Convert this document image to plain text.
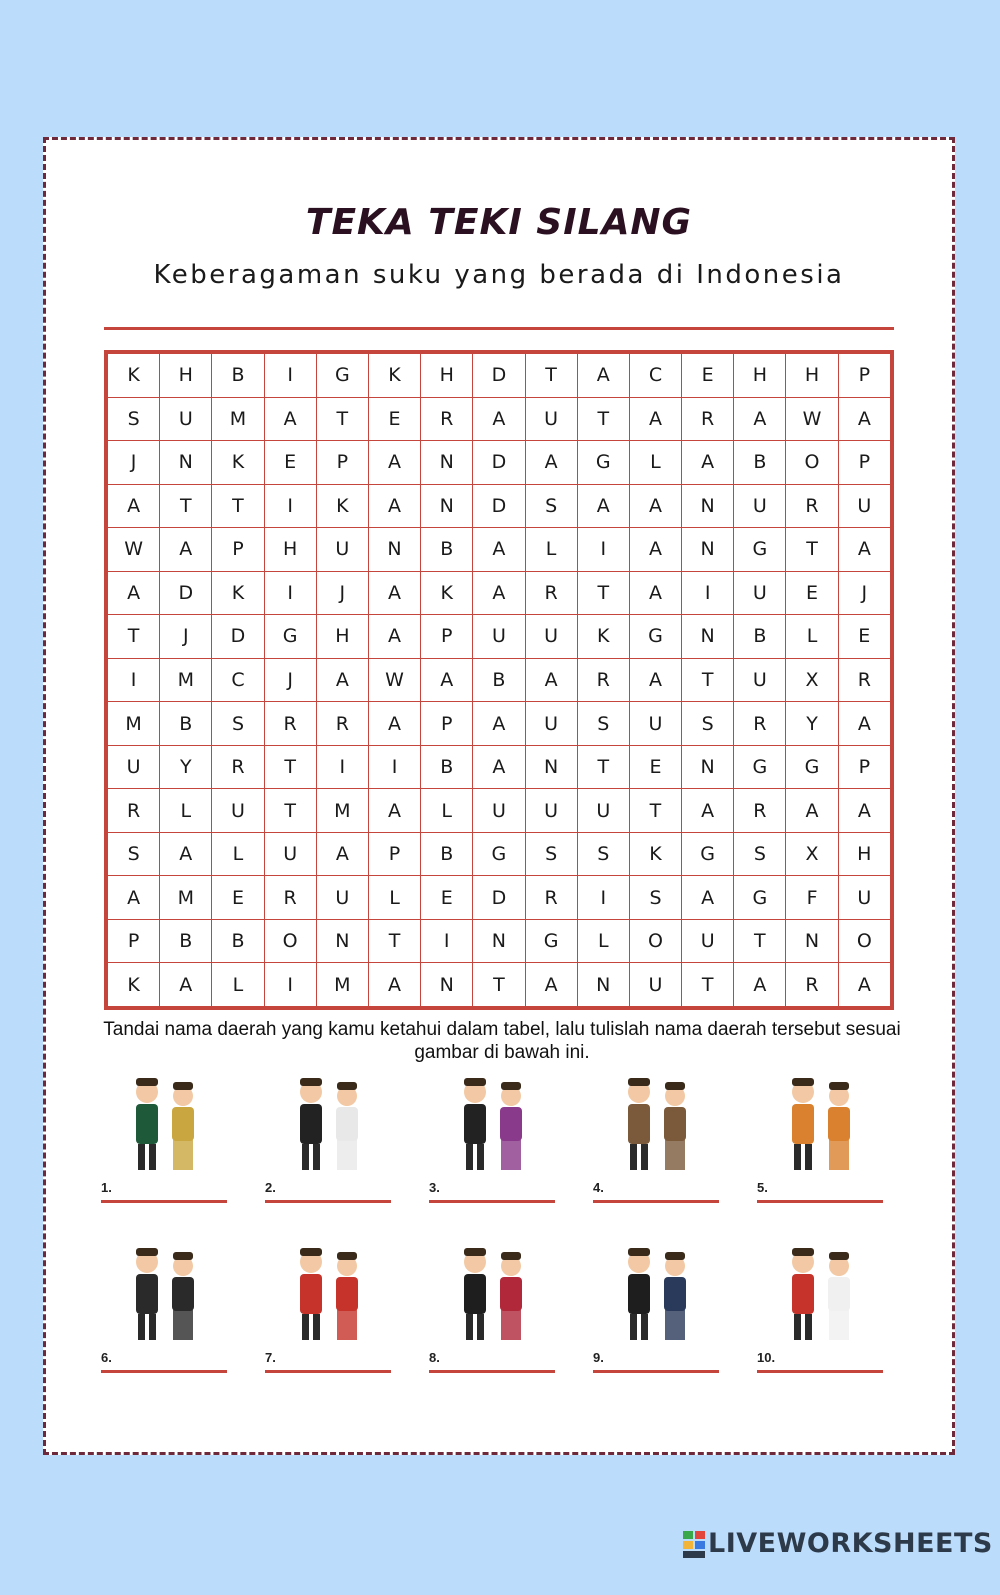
TEKA TEKI SILANG
Keberagaman suku yang berada di Indonesia
K	H	B	I	G	K	H	D	T	A	C	E	H	H	P
S	U	M	A	T	E	R	A	U	T	A	R	A	W	A
J	N	K	E	P	A	N	D	A	G	L	A	B	O	P
A	T	T	I	K	A	N	D	S	A	A	N	U	R	U
W	A	P	H	U	N	B	A	L	I	A	N	G	T	A
A	D	K	I	J	A	K	A	R	T	A	I	U	E	J
T	J	D	G	H	A	P	U	U	K	G	N	B	L	E
I	M	C	J	A	W	A	B	A	R	A	T	U	X	R
M	B	S	R	R	A	P	A	U	S	U	S	R	Y	A
U	Y	R	T	I	I	B	A	N	T	E	N	G	G	P
R	L	U	T	M	A	L	U	U	U	T	A	R	A	A
S	A	L	U	A	P	B	G	S	S	K	G	S	X	H
A	M	E	R	U	L	E	D	R	I	S	A	G	F	U
P	B	B	O	N	T	I	N	G	L	O	U	T	N	O
K	A	L	I	M	A	N	T	A	N	U	T	A	R	A
Tandai nama daerah yang kamu ketahui dalam tabel, lalu tulislah nama daerah tersebut sesuai gambar di bawah ini.
1.	2.	3.	4.	5.
6.	7.	8.	9.	10.
LIVEWORKSHEETS
